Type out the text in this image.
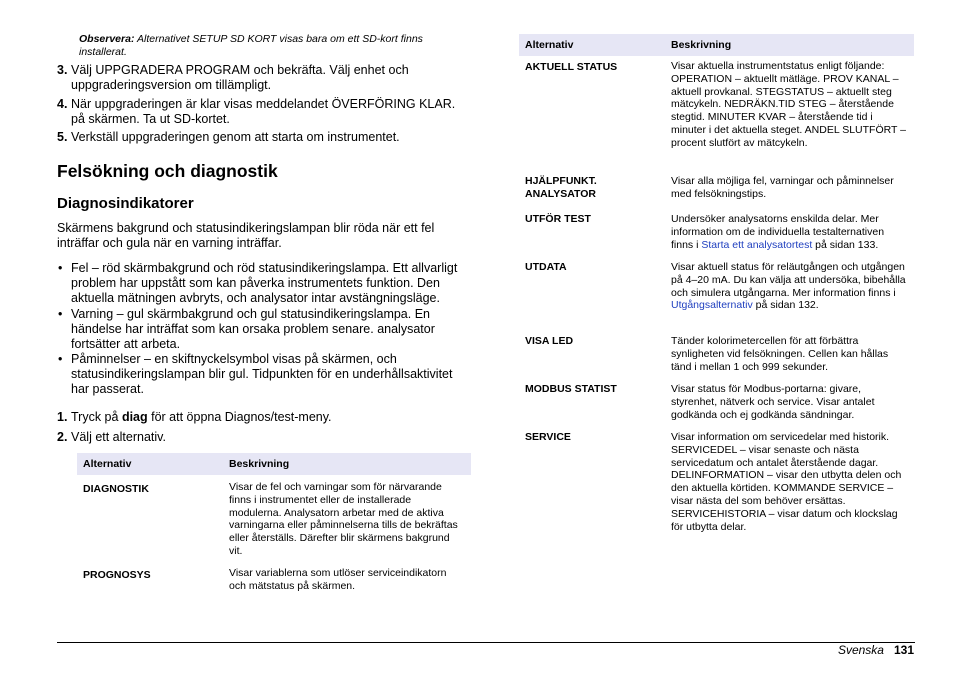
Observera: Alternativet SETUP SD KORT visas bara om ett SD-kort finns installerat.

3. Välj UPPGRADERA PROGRAM och bekräfta. Välj enhet och uppgraderingsversion om tillämpligt.
4. När uppgraderingen är klar visas meddelandet ÖVERFÖRING KLAR. på skärmen. Ta ut SD-kortet.
5. Verkställ uppgraderingen genom att starta om instrumentet.
Felsökning och diagnostik
Diagnosindikatorer

Skärmens bakgrund och statusindikeringslampan blir röda när ett fel inträffar och gula när en varning inträffar.

• Fel – röd skärmbakgrund och röd statusindikeringslampa. Ett allvarligt problem har uppstått som kan påverka instrumentets funktion. Den aktuella mätningen avbryts, och analysator intar avstängningsläge.
• Varning – gul skärmbakgrund och gul statusindikeringslampa. En händelse har inträffat som kan orsaka problem senare. analysator fortsätter att arbeta.
• Påminnelser – en skiftnyckelsymbol visas på skärmen, och statusindikeringslampan blir gul. Tidpunkten för en underhållsaktivitet har passerat.
1. Tryck på diag för att öppna Diagnos/test-meny.
2. Välj ett alternativ.
Alternativ	Beskrivning
DIAGNOSTIK	Visar de fel och varningar som för närvarande finns i instrumentet eller de installerade modulerna. Analysatorn arbetar med de aktiva varningarna eller påminnelserna tills de bekräftas eller återställs. Därefter blir skärmens bakgrund vit.
PROGNOSYS	Visar variablerna som utlöser serviceindikatorn och mätstatus på skärmen.
Alternativ	Beskrivning
AKTUELL STATUS	Visar aktuella instrumentstatus enligt följande: OPERATION – aktuellt mätläge. PROV KANAL – aktuell provkanal. STEGSTATUS – aktuellt steg mätcykeln. NEDRÄKN.TID STEG – återstående stegtid. MINUTER KVAR – återstående tid i minuter i det aktuella steget. ANDEL SLUTFÖRT – procent slutfört av mätcykeln.
HJÄLPFUNKT.
ANALYSATOR	Visar alla möjliga fel, varningar och påminnelser med felsökningstips.
UTFÖR TEST	Undersöker analysatorns enskilda delar. Mer information om de individuella testalternativen finns i Starta ett analysatortest på sidan 133.
UTDATA	Visar aktuell status för reläutgången och utgången på 4–20 mA. Du kan välja att undersöka, bibehålla och simulera utgångarna. Mer information finns i Utgångsalternativ på sidan 132.
VISA LED	Tänder kolorimetercellen för att förbättra synligheten vid felsökningen. Cellen kan hållas tänd i mellan 1 och 999 sekunder.
MODBUS STATIST	Visar status för Modbus-portarna: givare, styrenhet, nätverk och service. Visar antalet godkända och ej godkända sändningar.
SERVICE	Visar information om servicedelar med historik. SERVICEDEL – visar senaste och nästa servicedatum och antalet återstående dagar. DELINFORMATION – visar den utbytta delen och den aktuella körtiden. KOMMANDE SERVICE – visar nästa del som behöver ersättas. SERVICEHISTORIA – visar datum och klockslag för utbytta delar.
Svenska 131
